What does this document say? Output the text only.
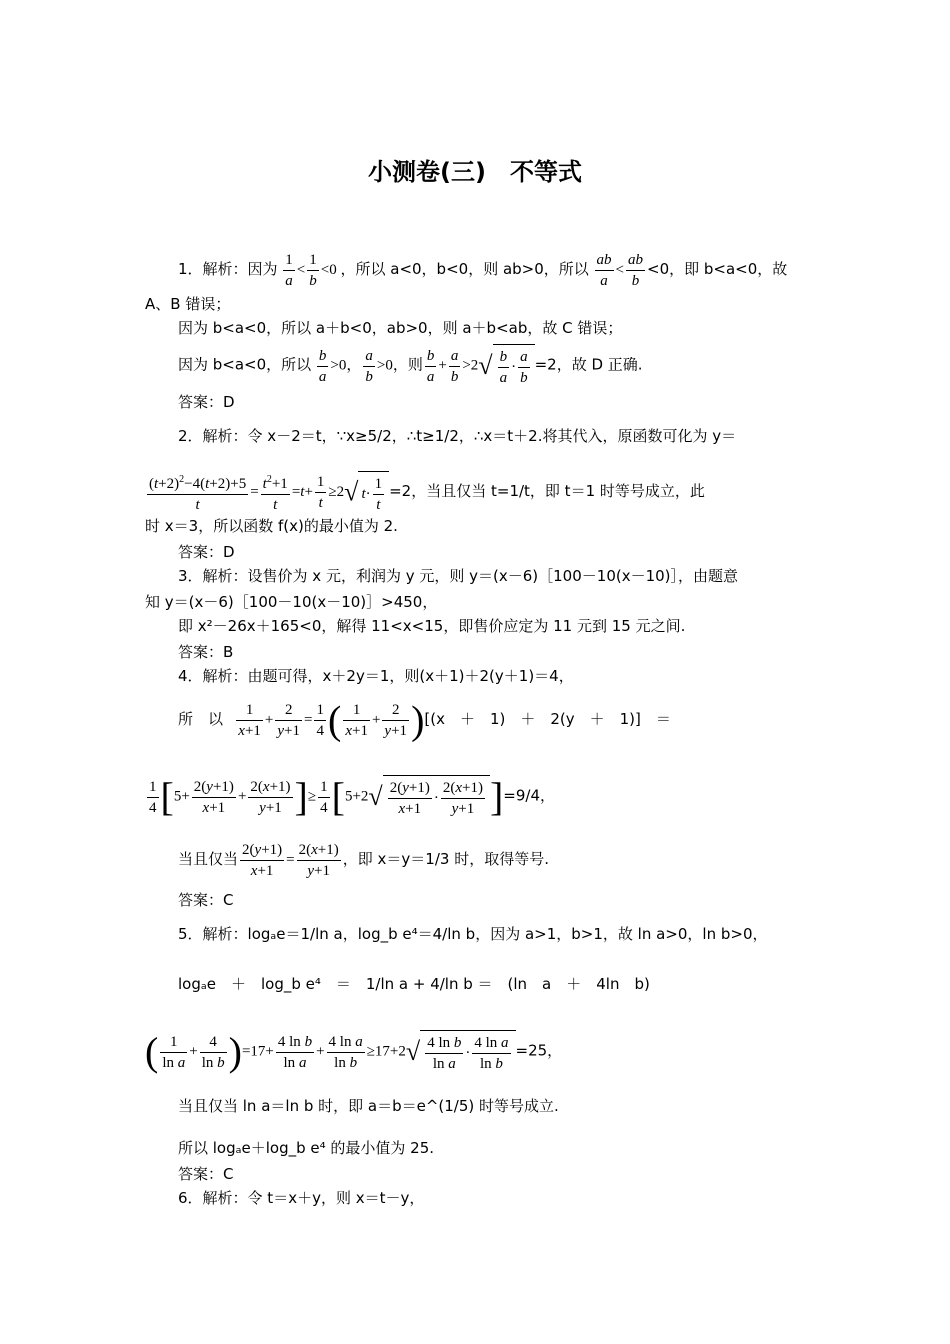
小测卷(三)　不等式
1．解析：因为 $\frac{1}{a} < \frac{1}{b} <0$ ，所以 a<0，b<0，则 ab>0，所以 $\frac{ab}{a} < \frac{ab}{b} <0$，即 b<a<0，故
A、B 错误；
因为 b<a<0，所以 a＋b<0，ab>0，则 a＋b<ab，故 C 错误；
因为 b<a<0，所以 $\frac{b}{a} >0$， $\frac{a}{b} >0$，则 $\frac{b}{a} + \frac{a}{b} >2√ \frac{b}{a} \cdot \frac{a}{b} =2$，故 D 正确.
答案：D
2．解析：令 x－2＝t，∵x≥5/2，∴t≥1/2，∴x＝t＋2.将其代入，原函数可化为 y＝
$\frac{(t+2)^2-4(t+2)+5}{t} = \frac{t^2+1}{t} =t+ \frac{1}{t} \ge 2√$ $t\cdot \frac{1}{t} =2$，当且仅当 t=1/t，即 t＝1 时等号成立，此
时 x＝3，所以函数 f(x)的最小值为 2.
答案：D
3．解析：设售价为 x 元，利润为 y 元，则 y＝(x－6)［100－10(x－10)］，由题意
知 y＝(x－6)［100－10(x－10)］>450，
即 x²－26x＋165<0，解得 11<x<15，即售价应定为 11 元到 15 元之间.
答案：B
4．解析：由题可得，x＋2y＝1，则(x＋1)＋2(y＋1)＝4，
所　以 $\frac{1}{x+1} + \frac{2}{y+1} = \frac{1}{4}$ ( $\frac{1}{x+1} + \frac{2}{y+1} )[(x$　＋　1)　＋　2(y　＋　1)]　＝
$\frac{1}{4} [5+ \frac{2(y+1)}{x+1} + \frac{2(x+1)}{y+1}$ ]≥ $\frac{1}{4} [5+2√ \frac{2(y+1)}{x+1} \cdot \frac{2(x+1)}{y+1} ]=9/4$，
当且仅当 $\frac{2(y+1)}{x+1} = \frac{2(x+1)}{y+1}$ ，即 x＝y＝1/3 时，取得等号.
答案：C
5．解析：logₐe＝1/ln a，log_b e⁴＝4/ln b，因为 a>1，b>1，故 ln a>0，ln b>0，
logₐe　＋　log_b e⁴　＝　1/ln a + 4/ln b ＝　(ln　a　＋　4ln　b)
( $\frac{1}{\text{ln a}} + \frac{4}{\text{ln b}} )=17+ \frac{\text{4 ln b}}{\text{ln a}} + \frac{\text{4 ln a}}{\text{ln b}} \ge 17+2√ \frac{\text{4 ln b}}{\text{ln a}} \cdot \frac{\text{4 ln a}}{\text{ln b}} =25$，
当且仅当 ln a＝ln b 时，即 a＝b＝e^(1/5) 时等号成立.
所以 logₐe＋log_b e⁴ 的最小值为 25.
答案：C
6．解析：令 t＝x＋y，则 x＝t－y，
